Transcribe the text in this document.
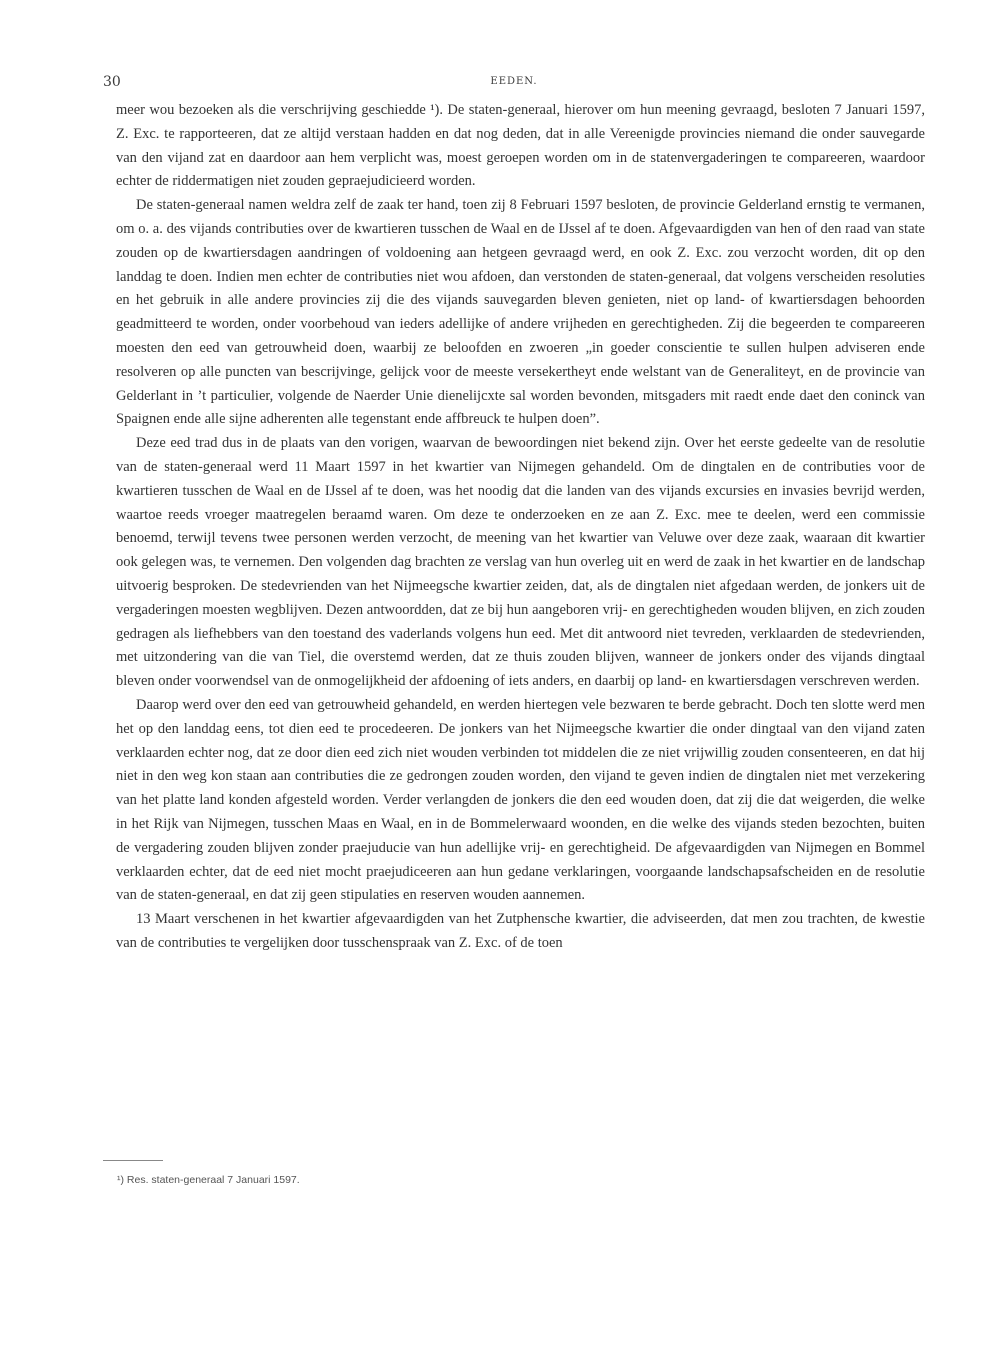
30	EEDEN.

meer wou bezoeken als die verschrijving geschiedde ¹). De staten-generaal, hierover om hun meening gevraagd, besloten 7 Januari 1597, Z. Exc. te rapporteeren, dat ze altijd verstaan hadden en dat nog deden, dat in alle Vereenigde provincies niemand die onder sauvegarde van den vijand zat en daardoor aan hem verplicht was, moest geroepen worden om in de statenvergaderingen te compareeren, waardoor echter de riddermatigen niet zouden gepraejudicieerd worden.

De staten-generaal namen weldra zelf de zaak ter hand, toen zij 8 Februari 1597 besloten, de provincie Gelderland ernstig te vermanen, om o. a. des vijands contributies over de kwartieren tusschen de Waal en de IJssel af te doen. Afgevaardigden van hen of den raad van state zouden op de kwartiersdagen aandringen of voldoening aan hetgeen gevraagd werd, en ook Z. Exc. zou verzocht worden, dit op den landdag te doen. Indien men echter de contributies niet wou afdoen, dan verstonden de staten-generaal, dat volgens verscheiden resoluties en het gebruik in alle andere provincies zij die des vijands sauvegarden bleven genieten, niet op land- of kwartiersdagen behoorden geadmitteerd te worden, onder voorbehoud van ieders adellijke of andere vrijheden en gerechtigheden. Zij die begeerden te compareeren moesten den eed van getrouwheid doen, waarbij ze beloofden en zwoeren „in goeder conscientie te sullen hulpen adviseren ende resolveren op alle puncten van bescrijvinge, gelijck voor de meeste versekertheyt ende welstant van de Generaliteyt, en de provincie van Gelderlant in ’t particulier, volgende de Naerder Unie dienelijcxte sal worden bevonden, mitsgaders mit raedt ende daet den coninck van Spaignen ende alle sijne adherenten alle tegenstant ende affbreuck te hulpen doen”.

Deze eed trad dus in de plaats van den vorigen, waarvan de bewoordingen niet bekend zijn. Over het eerste gedeelte van de resolutie van de staten-generaal werd 11 Maart 1597 in het kwartier van Nijmegen gehandeld. Om de dingtalen en de contributies voor de kwartieren tusschen de Waal en de IJssel af te doen, was het noodig dat die landen van des vijands excursies en invasies bevrijd werden, waartoe reeds vroeger maatregelen beraamd waren. Om deze te onderzoeken en ze aan Z. Exc. mee te deelen, werd een commissie benoemd, terwijl tevens twee personen werden verzocht, de meening van het kwartier van Veluwe over deze zaak, waaraan dit kwartier ook gelegen was, te vernemen. Den volgenden dag brachten ze verslag van hun overleg uit en werd de zaak in het kwartier en de landschap uitvoerig besproken. De stedevrienden van het Nijmeegsche kwartier zeiden, dat, als de dingtalen niet afgedaan werden, de jonkers uit de vergaderingen moesten wegblijven. Dezen antwoordden, dat ze bij hun aangeboren vrij- en gerechtigheden wouden blijven, en zich zouden gedragen als liefhebbers van den toestand des vaderlands volgens hun eed. Met dit antwoord niet tevreden, verklaarden de stedevrienden, met uitzondering van die van Tiel, die overstemd werden, dat ze thuis zouden blijven, wanneer de jonkers onder des vijands dingtaal bleven onder voorwendsel van de onmogelijkheid der afdoening of iets anders, en daarbij op land- en kwartiersdagen verschreven werden.

Daarop werd over den eed van getrouwheid gehandeld, en werden hiertegen vele bezwaren te berde gebracht. Doch ten slotte werd men het op den landdag eens, tot dien eed te procedeeren. De jonkers van het Nijmeegsche kwartier die onder dingtaal van den vijand zaten verklaarden echter nog, dat ze door dien eed zich niet wouden verbinden tot middelen die ze niet vrijwillig zouden consenteeren, en dat hij niet in den weg kon staan aan contributies die ze gedrongen zouden worden, den vijand te geven indien de dingtalen niet met verzekering van het platte land konden afgesteld worden. Verder verlangden de jonkers die den eed wouden doen, dat zij die dat weigerden, die welke in het Rijk van Nijmegen, tusschen Maas en Waal, en in de Bommelerwaard woonden, en die welke des vijands steden bezochten, buiten de vergadering zouden blijven zonder praejuducie van hun adellijke vrij- en gerechtigheid. De afgevaardigden van Nijmegen en Bommel verklaarden echter, dat de eed niet mocht praejudiceeren aan hun gedane verklaringen, voorgaande landschapsafscheiden en de resolutie van de staten-generaal, en dat zij geen stipulaties en reserven wouden aannemen.

13 Maart verschenen in het kwartier afgevaardigden van het Zutphensche kwartier, die adviseerden, dat men zou trachten, de kwestie van de contributies te vergelijken door tusschenspraak van Z. Exc. of de toen

¹) Res. staten-generaal 7 Januari 1597.
